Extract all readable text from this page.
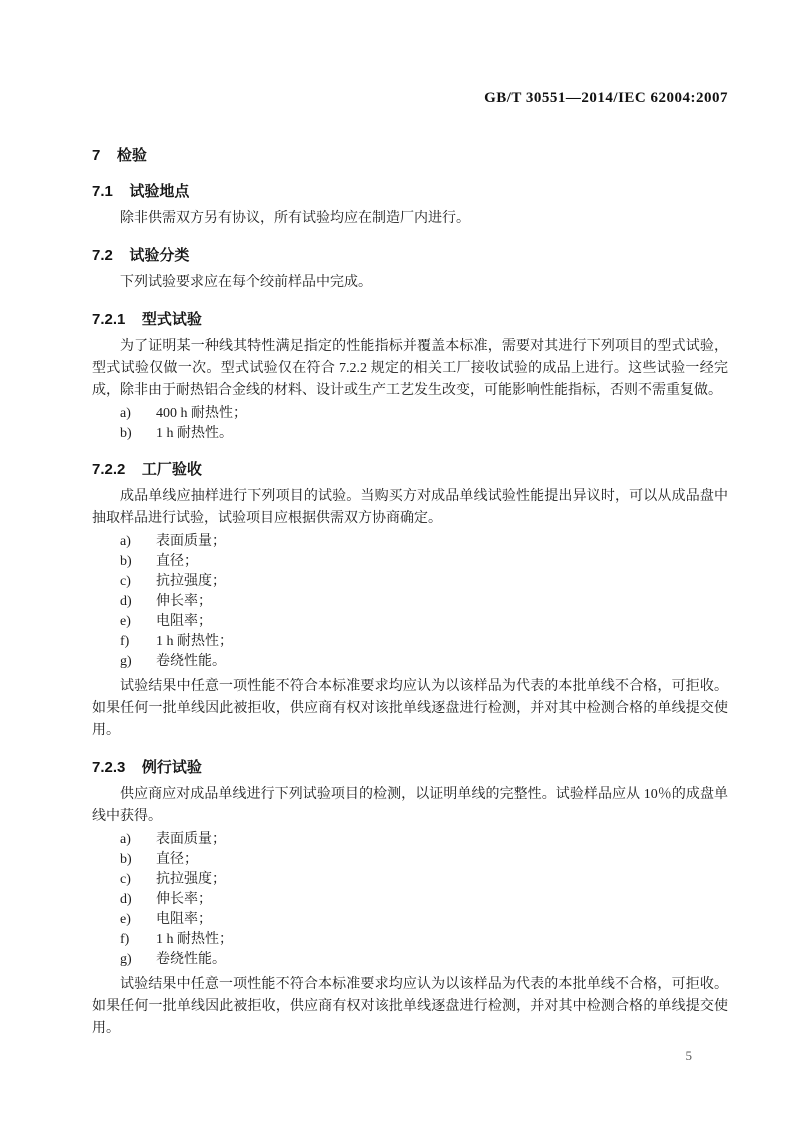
GB/T 30551—2014/IEC 62004:2007
7 检验
7.1 试验地点

除非供需双方另有协议，所有试验均应在制造厂内进行。

7.2 试验分类

下列试验要求应在每个绞前样品中完成。

7.2.1 型式试验

为了证明某一种线其特性满足指定的性能指标并覆盖本标准，需要对其进行下列项目的型式试验，型式试验仅做一次。型式试验仅在符合 7.2.2 规定的相关工厂接收试验的成品上进行。这些试验一经完成，除非由于耐热铝合金线的材料、设计或生产工艺发生改变，可能影响性能指标，否则不需重复做。

a)	400 h 耐热性；
b)	1 h 耐热性。
7.2.2 工厂验收

成品单线应抽样进行下列项目的试验。当购买方对成品单线试验性能提出异议时，可以从成品盘中抽取样品进行试验，试验项目应根据供需双方协商确定。

a)	表面质量；
b)	直径；
c)	抗拉强度；
d)	伸长率；
e)	电阻率；
f)	1 h 耐热性；
g)	卷绕性能。

试验结果中任意一项性能不符合本标准要求均应认为以该样品为代表的本批单线不合格，可拒收。如果任何一批单线因此被拒收，供应商有权对该批单线逐盘进行检测，并对其中检测合格的单线提交使用。

7.2.3 例行试验

供应商应对成品单线进行下列试验项目的检测，以证明单线的完整性。试验样品应从 10％的成盘单线中获得。

a)	表面质量；
b)	直径；
c)	抗拉强度；
d)	伸长率；
e)	电阻率；
f)	1 h 耐热性；
g)	卷绕性能。

试验结果中任意一项性能不符合本标准要求均应认为以该样品为代表的本批单线不合格，可拒收。如果任何一批单线因此被拒收，供应商有权对该批单线逐盘进行检测，并对其中检测合格的单线提交使用。

5
